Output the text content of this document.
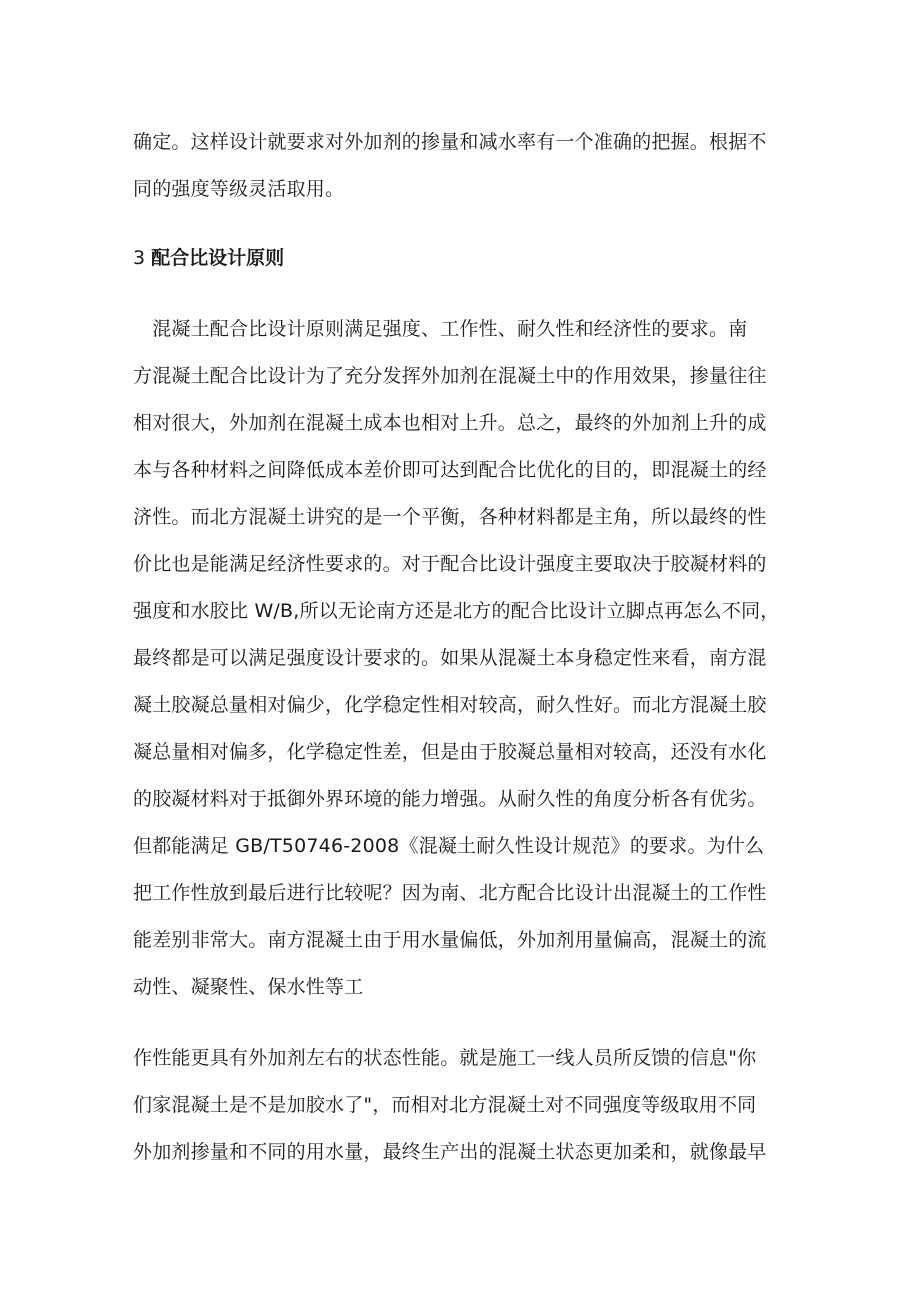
确定。这样设计就要求对外加剂的掺量和减水率有一个准确的把握。根据不

同的强度等级灵活取用。

3 配合比设计原则

　混凝土配合比设计原则满足强度、工作性、耐久性和经济性的要求。南

方混凝土配合比设计为了充分发挥外加剂在混凝土中的作用效果，掺量往往

相对很大，外加剂在混凝土成本也相对上升。总之，最终的外加剂上升的成

本与各种材料之间降低成本差价即可达到配合比优化的目的，即混凝土的经

济性。而北方混凝土讲究的是一个平衡，各种材料都是主角，所以最终的性

价比也是能满足经济性要求的。对于配合比设计强度主要取决于胶凝材料的

强度和水胶比 W/B,所以无论南方还是北方的配合比设计立脚点再怎么不同，

最终都是可以满足强度设计要求的。如果从混凝土本身稳定性来看，南方混

凝土胶凝总量相对偏少，化学稳定性相对较高，耐久性好。而北方混凝土胶

凝总量相对偏多，化学稳定性差，但是由于胶凝总量相对较高，还没有水化

的胶凝材料对于抵御外界环境的能力增强。从耐久性的角度分析各有优劣。

但都能满足 GB/T50746-2008《混凝土耐久性设计规范》的要求。为什么

把工作性放到最后进行比较呢？因为南、北方配合比设计出混凝土的工作性

能差别非常大。南方混凝土由于用水量偏低，外加剂用量偏高，混凝土的流

动性、凝聚性、保水性等工

作性能更具有外加剂左右的状态性能。就是施工一线人员所反馈的信息"你

们家混凝土是不是加胶水了"，而相对北方混凝土对不同强度等级取用不同

外加剂掺量和不同的用水量，最终生产出的混凝土状态更加柔和，就像最早
